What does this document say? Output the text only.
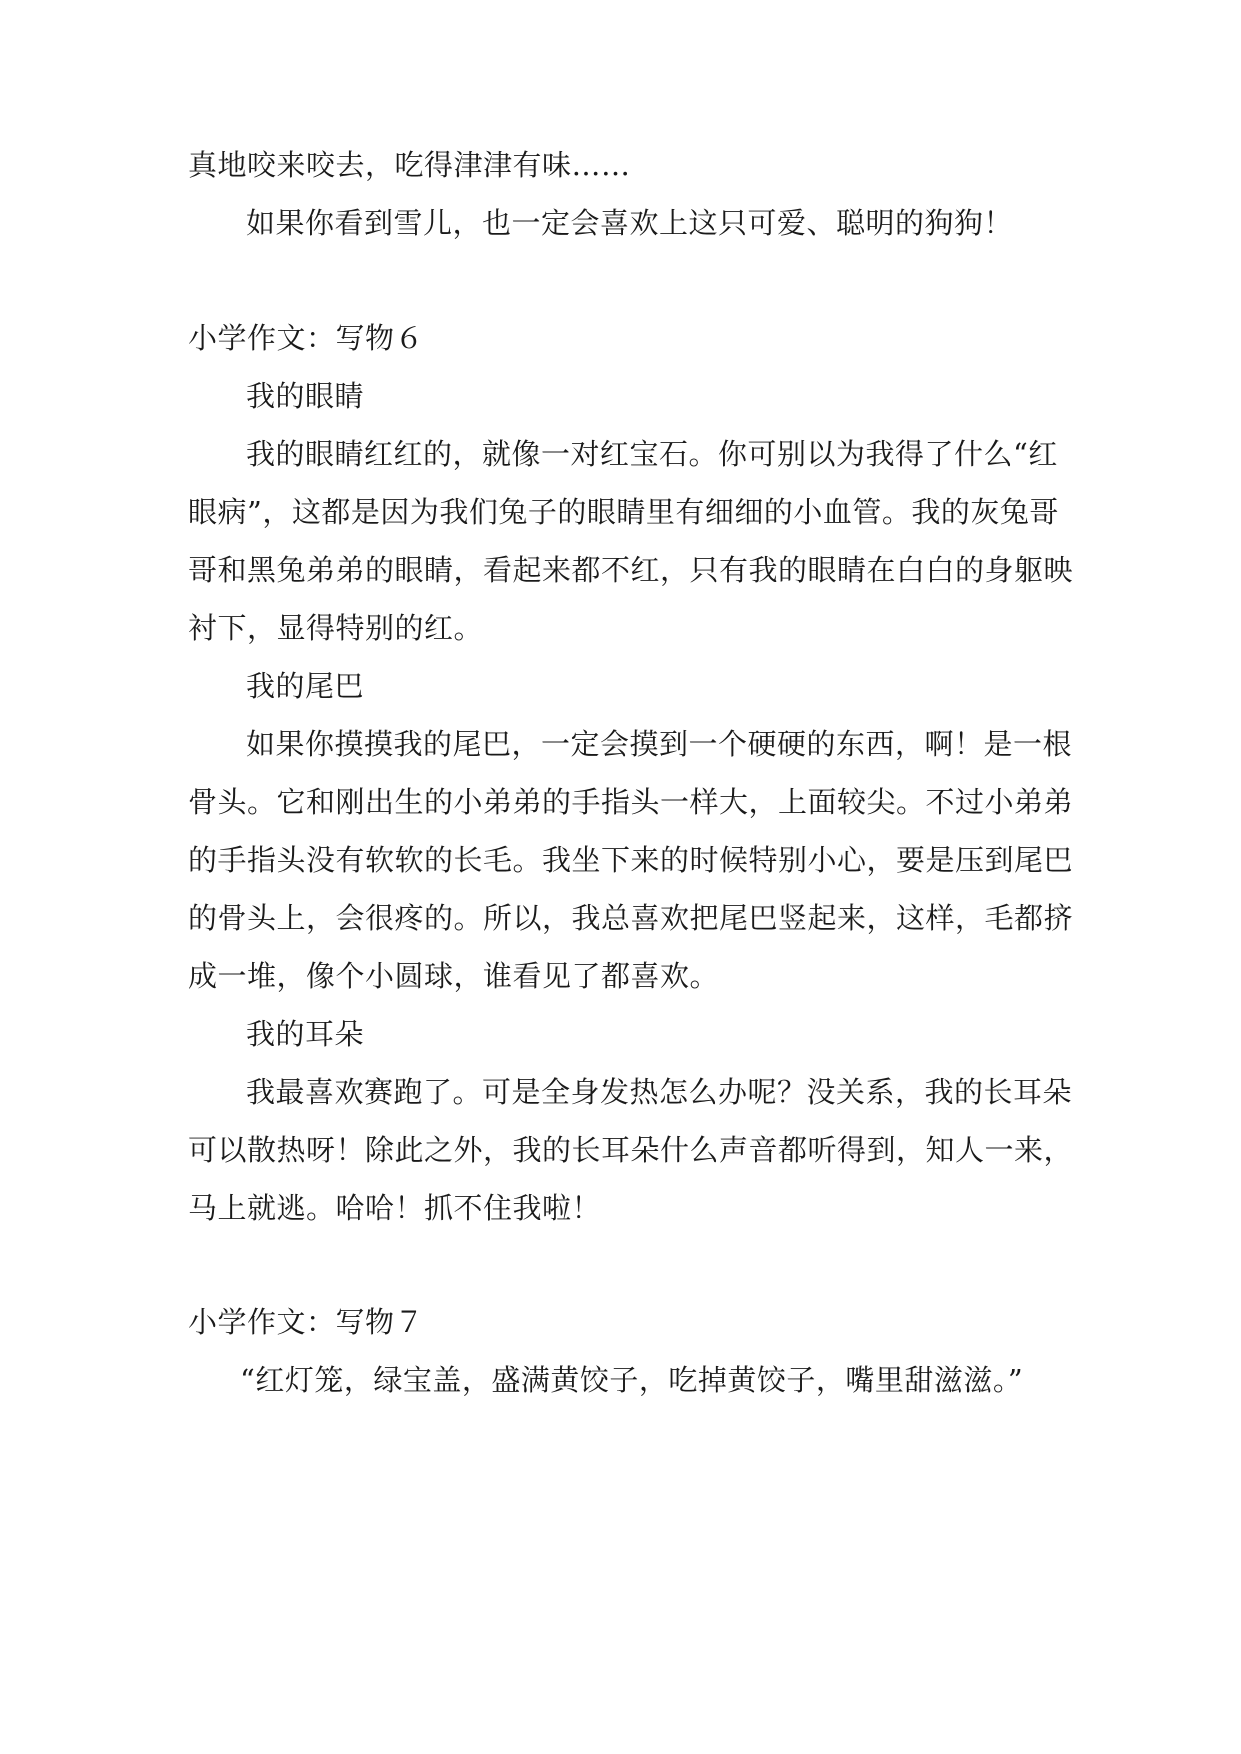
真地咬来咬去，吃得津津有味……
如果你看到雪儿，也一定会喜欢上这只可爱、聪明的狗狗！
小学作文：写物６
我的眼睛
我的眼睛红红的，就像一对红宝石。你可别以为我得了什么“红
眼病”，这都是因为我们兔子的眼睛里有细细的小血管。我的灰兔哥
哥和黑兔弟弟的眼睛，看起来都不红，只有我的眼睛在白白的身躯映
衬下，显得特别的红。
我的尾巴
如果你摸摸我的尾巴，一定会摸到一个硬硬的东西，啊！是一根
骨头。它和刚出生的小弟弟的手指头一样大，上面较尖。不过小弟弟
的手指头没有软软的长毛。我坐下来的时候特别小心，要是压到尾巴
的骨头上，会很疼的。所以，我总喜欢把尾巴竖起来，这样，毛都挤
成一堆，像个小圆球，谁看见了都喜欢。
我的耳朵
我最喜欢赛跑了。可是全身发热怎么办呢？没关系，我的长耳朵
可以散热呀！除此之外，我的长耳朵什么声音都听得到，知人一来，
马上就逃。哈哈！抓不住我啦！
小学作文：写物７
“红灯笼，绿宝盖，盛满黄饺子，吃掉黄饺子，嘴里甜滋滋。”
